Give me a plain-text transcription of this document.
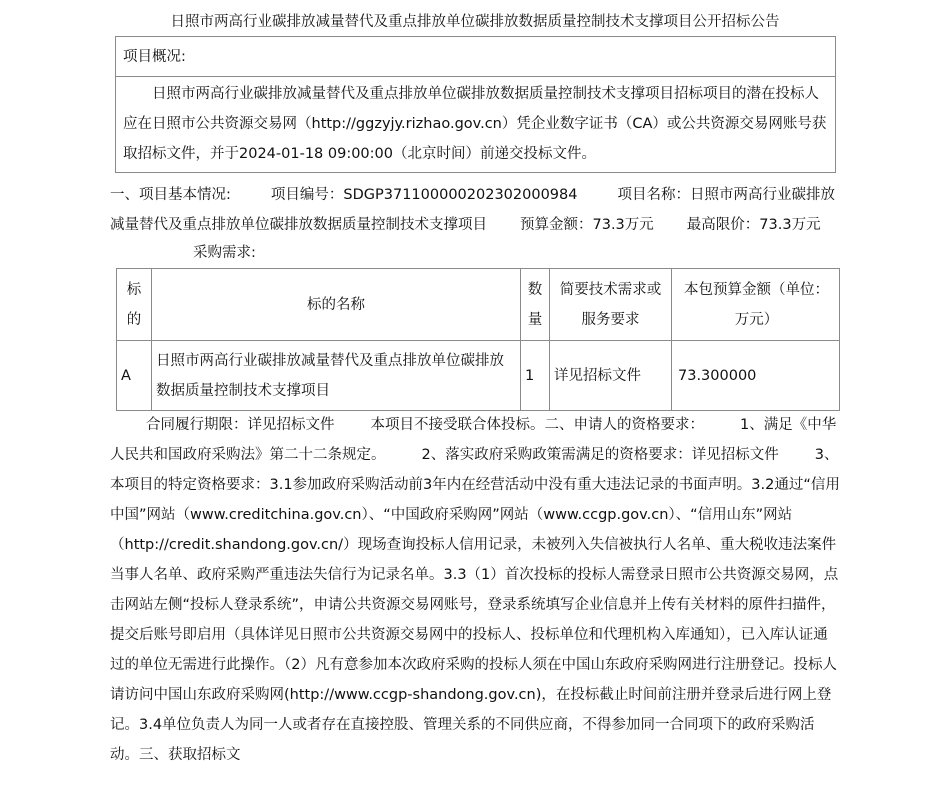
日照市两高行业碳排放减量替代及重点排放单位碳排放数据质量控制技术支撑项目公开招标公告
项目概况:
日照市两高行业碳排放减量替代及重点排放单位碳排放数据质量控制技术支撑项目招标项目的潜在投标人应在日照市公共资源交易网（http://ggzyjy.rizhao.gov.cn）凭企业数字证书（CA）或公共资源交易网账号获取招标文件，并于2024-01-18 09:00:00（北京时间）前递交投标文件。
一、项目基本情况:	项目编号：SDGP371100000202302000984	项目名称：日照市两高行业碳排放减量替代及重点排放单位碳排放数据质量控制技术支撑项目 预算金额：73.3万元 最高限价：73.3万元
采购需求:
标的	标的名称	数量	简要技术需求或服务要求	本包预算金额（单位：万元）
A	日照市两高行业碳排放减量替代及重点排放单位碳排放数据质量控制技术支撑项目	1	详见招标文件	73.300000
合同履行期限：详见招标文件 本项目不接受联合体投标。二、申请人的资格要求： 1、满足《中华人民共和国政府采购法》第二十二条规定。 2、落实政府采购政策需满足的资格要求：详见招标文件 3、本项目的特定资格要求：3.1参加政府采购活动前3年内在经营活动中没有重大违法记录的书面声明。3.2通过“信用中国”网站（www.creditchina.gov.cn）、“中国政府采购网”网站（www.ccgp.gov.cn）、“信用山东”网站（http://credit.shandong.gov.cn/）现场查询投标人信用记录，未被列入失信被执行人名单、重大税收违法案件当事人名单、政府采购严重违法失信行为记录名单。3.3（1）首次投标的投标人需登录日照市公共资源交易网，点击网站左侧“投标人登录系统”，申请公共资源交易网账号，登录系统填写企业信息并上传有关材料的原件扫描件，提交后账号即启用（具体详见日照市公共资源交易网中的投标人、投标单位和代理机构入库通知），已入库认证通过的单位无需进行此操作。（2）凡有意参加本次政府采购的投标人须在中国山东政府采购网进行注册登记。投标人请访问中国山东政府采购网(http://www.ccgp-shandong.gov.cn)，在投标截止时间前注册并登录后进行网上登记。3.4单位负责人为同一人或者存在直接控股、管理关系的不同供应商，不得参加同一合同项下的政府采购活动。三、获取招标文
